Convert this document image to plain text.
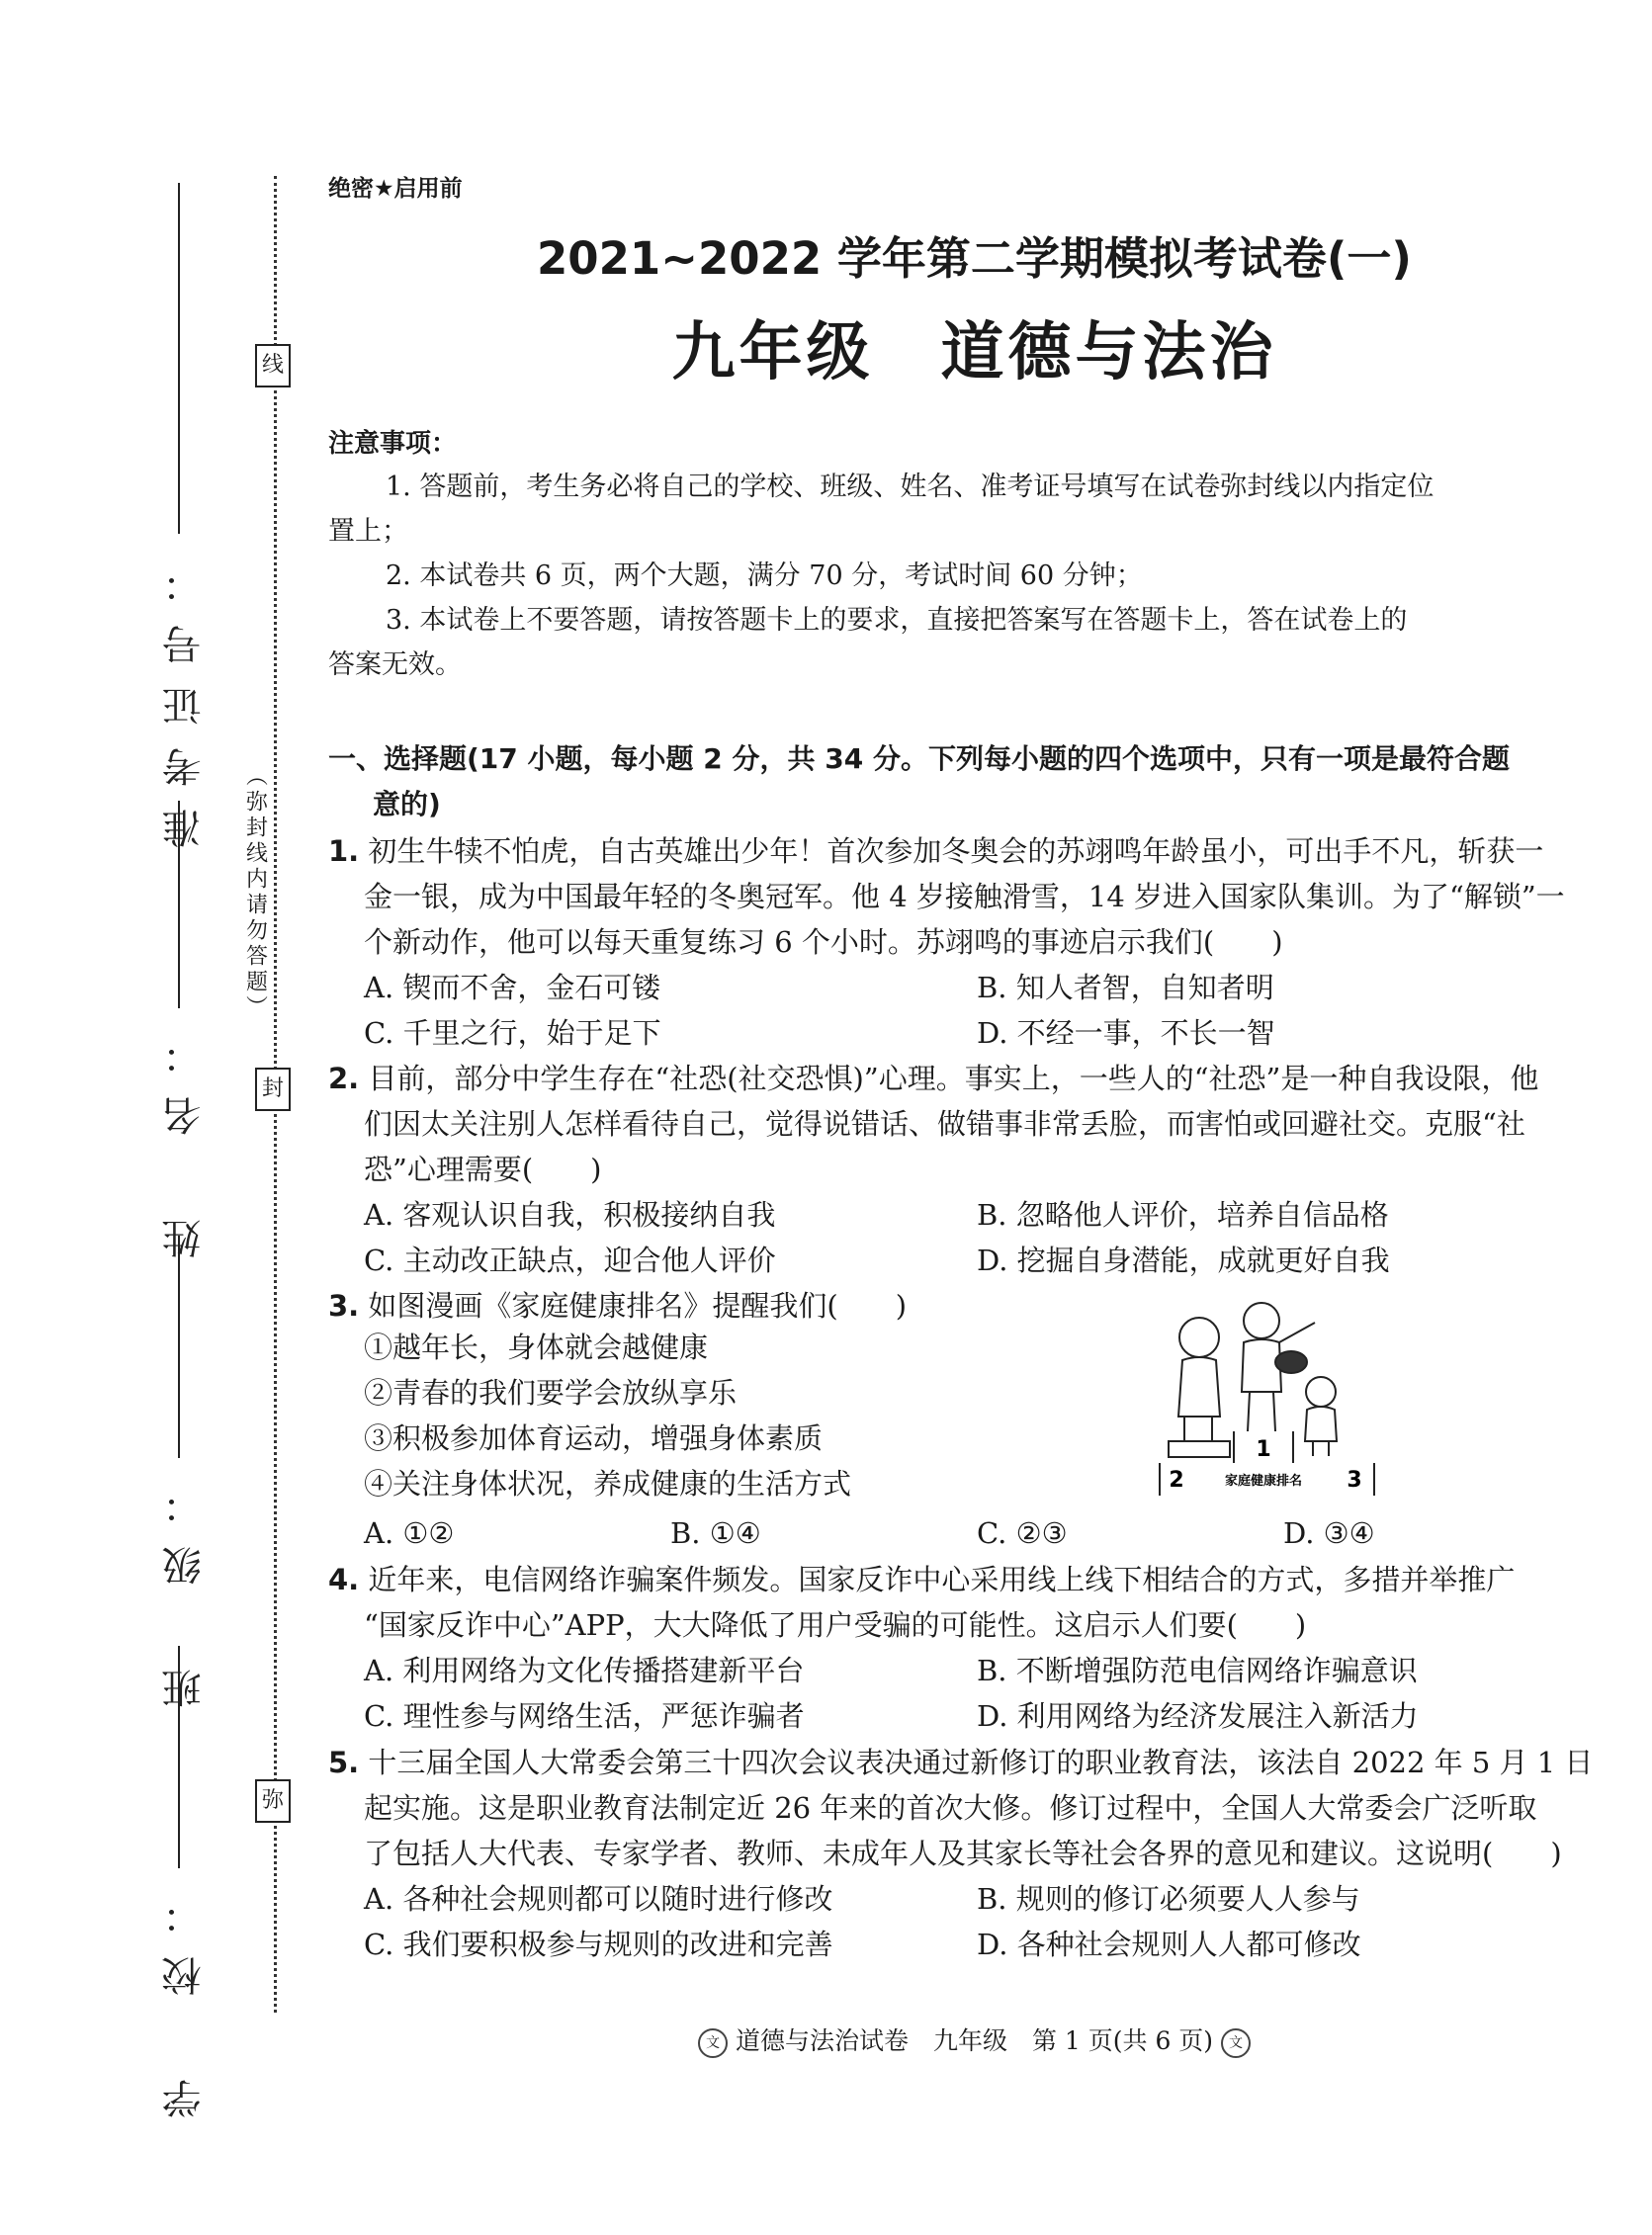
准考证号：
姓　名：
班　级：
学　校：
线
封
弥
（弥封线内请勿答题）
绝密★启用前
2021~2022 学年第二学期模拟考试卷(一)
九年级　道德与法治
注意事项：
1. 答题前，考生务必将自己的学校、班级、姓名、准考证号填写在试卷弥封线以内指定位
置上；
2. 本试卷共 6 页，两个大题，满分 70 分，考试时间 60 分钟；
3. 本试卷上不要答题，请按答题卡上的要求，直接把答案写在答题卡上，答在试卷上的
答案无效。
一、选择题(17 小题，每小题 2 分，共 34 分。下列每小题的四个选项中，只有一项是最符合题
意的)
1. 初生牛犊不怕虎，自古英雄出少年！首次参加冬奥会的苏翊鸣年龄虽小，可出手不凡，斩获一
金一银，成为中国最年轻的冬奥冠军。他 4 岁接触滑雪，14 岁进入国家队集训。为了“解锁”一
个新动作，他可以每天重复练习 6 个小时。苏翊鸣的事迹启示我们(　　)
A. 锲而不舍，金石可镂	B. 知人者智，自知者明
C. 千里之行，始于足下	D. 不经一事，不长一智
2. 目前，部分中学生存在“社恐(社交恐惧)”心理。事实上，一些人的“社恐”是一种自我设限，他
们因太关注别人怎样看待自己，觉得说错话、做错事非常丢脸，而害怕或回避社交。克服“社
恐”心理需要(　　)
A. 客观认识自我，积极接纳自我	B. 忽略他人评价，培养自信品格
C. 主动改正缺点，迎合他人评价	D. 挖掘自身潜能，成就更好自我
3. 如图漫画《家庭健康排名》提醒我们(　　)
①越年长，身体就会越健康
②青春的我们要学会放纵享乐
③积极参加体育运动，增强身体素质
④关注身体状况，养成健康的生活方式
A. ①②	B. ①④	C. ②③	D. ③④
1
2	3
家庭健康排名
4. 近年来，电信网络诈骗案件频发。国家反诈中心采用线上线下相结合的方式，多措并举推广
“国家反诈中心”APP，大大降低了用户受骗的可能性。这启示人们要(　　)
A. 利用网络为文化传播搭建新平台	B. 不断增强防范电信网络诈骗意识
C. 理性参与网络生活，严惩诈骗者	D. 利用网络为经济发展注入新活力
5. 十三届全国人大常委会第三十四次会议表决通过新修订的职业教育法，该法自 2022 年 5 月 1 日
起实施。这是职业教育法制定近 26 年来的首次大修。修订过程中，全国人大常委会广泛听取
了包括人大代表、专家学者、教师、未成年人及其家长等社会各界的意见和建议。这说明(　　)
A. 各种社会规则都可以随时进行修改	B. 规则的修订必须要人人参与
C. 我们要积极参与规则的改进和完善	D. 各种社会规则人人都可修改
文 道德与法治试卷　九年级　第 1 页(共 6 页) 文
